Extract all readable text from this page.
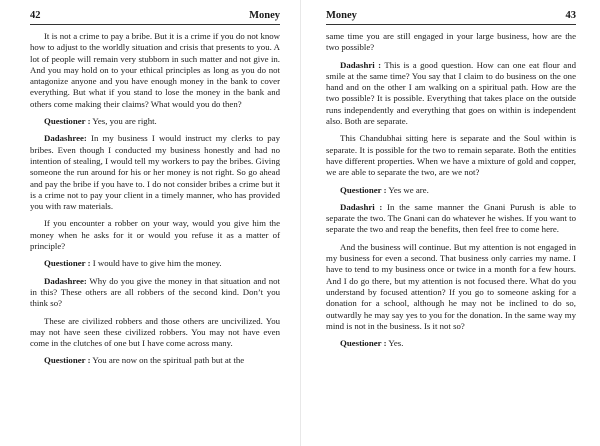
42	Money

It is not a crime to pay a bribe. But it is a crime if you do not know how to adjust to the worldly situation and crisis that presents to you. A lot of people will remain very stubborn in such matter and not give in. And you may hold on to your ethical principles as long as you do not antagonize anyone and you have enough money in the bank to cover everything. But what if you stand to lose the money in the bank and others come making their claims? What would you do then?

Questioner : Yes, you are right.

Dadashree: In my business I would instruct my clerks to pay bribes. Even though I conducted my business honestly and had no intention of stealing, I would tell my workers to pay the bribes. Giving someone the run around for his or her money is not right. So go ahead and pay the bribe if you have to. I do not consider bribes a crime but it is a crime not to pay your client in a timely manner, who has provided you with raw materials.

If you encounter a robber on your way, would you give him the money when he asks for it or would you refuse it as a matter of principle?

Questioner : I would have to give him the money.

Dadashree: Why do you give the money in that situation and not in this? These others are all robbers of the second kind. Don’t you think so?

These are civilized robbers and those others are uncivilized. You may not have seen these civilized robbers. You may not have even come in the clutches of one but I have come across many.

Questioner : You are now on the spiritual path but at the

Money	43

same time you are still engaged in your large business, how are the two possible?

Dadashri : This is a good question. How can one eat flour and smile at the same time? You say that I claim to do business on the one hand and on the other I am walking on a spiritual path. How are the two possible? It is possible. Everything that takes place on the outside runs independently and everything that goes on within is independent also. Both are separate.

This Chandubhai sitting here is separate and the Soul within is separate. It is possible for the two to remain separate. Both the entities have different properties. When we have a mixture of gold and copper, we are able to separate the two, are we not?

Questioner : Yes we are.

Dadashri : In the same manner the Gnani Purush is able to separate the two. The Gnani can do whatever he wishes. If you want to separate the two and reap the benefits, then feel free to come here.

And the business will continue. But my attention is not engaged in my business for even a second. That business only carries my name. I have to tend to my business once or twice in a month for a few hours. And I do go there, but my attention is not focused there. What do you understand by focused attention? If you go to someone asking for a donation for a school, although he may not be inclined to do so, outwardly he may say yes to you for the donation. In the same way my mind is not in the business. Is it not so?

Questioner : Yes.
